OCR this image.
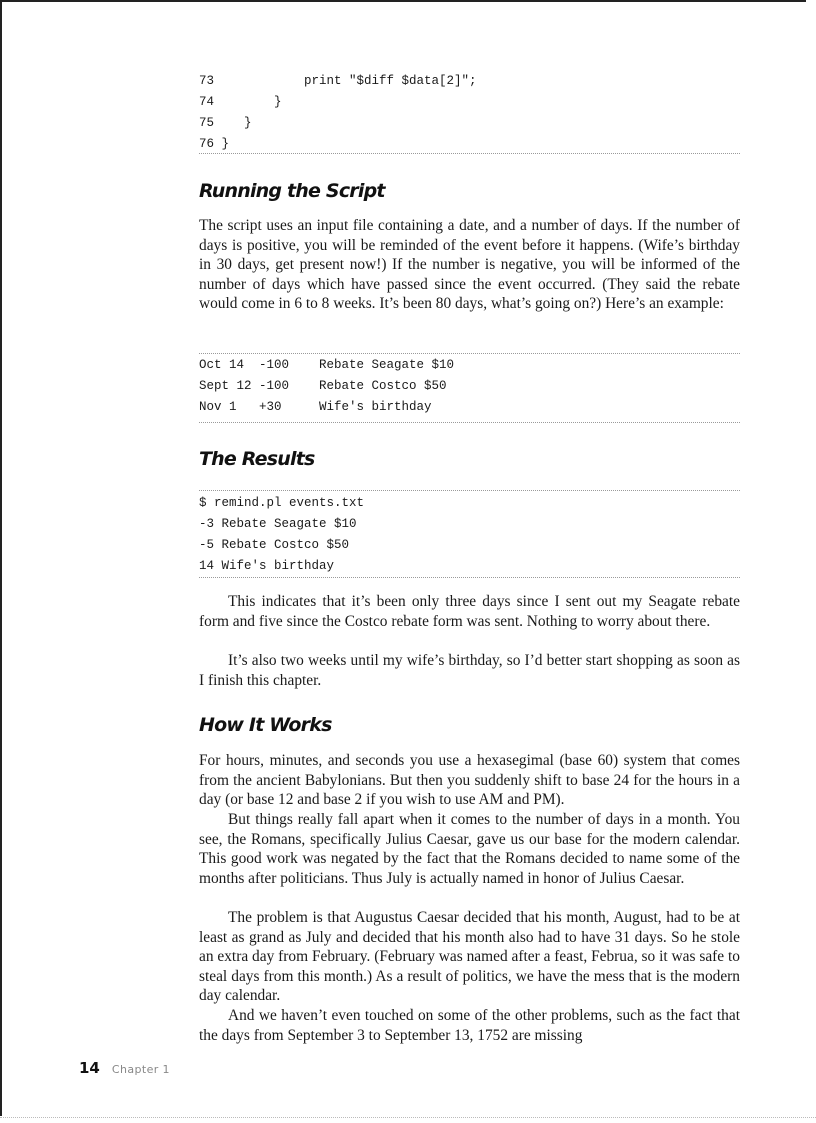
73            print "$diff $data[2]";
74        }
75    }
76 }
Running the Script

The script uses an input file containing a date, and a number of days. If the number of days is positive, you will be reminded of the event before it happens. (Wife’s birthday in 30 days, get present now!) If the number is negative, you will be informed of the number of days which have passed since the event occurred. (They said the rebate would come in 6 to 8 weeks. It’s been 80 days, what’s going on?) Here’s an example:

Oct 14  -100    Rebate Seagate $10
Sept 12 -100    Rebate Costco $50
Nov 1   +30     Wife's birthday
The Results
$ remind.pl events.txt
-3 Rebate Seagate $10
-5 Rebate Costco $50
14 Wife's birthday

This indicates that it’s been only three days since I sent out my Seagate rebate form and five since the Costco rebate form was sent. Nothing to worry about there.

It’s also two weeks until my wife’s birthday, so I’d better start shopping as soon as I finish this chapter.

How It Works

For hours, minutes, and seconds you use a hexasegimal (base 60) system that comes from the ancient Babylonians. But then you suddenly shift to base 24 for the hours in a day (or base 12 and base 2 if you wish to use AM and PM).

But things really fall apart when it comes to the number of days in a month. You see, the Romans, specifically Julius Caesar, gave us our base for the modern calendar. This good work was negated by the fact that the Romans decided to name some of the months after politicians. Thus July is actually named in honor of Julius Caesar.

The problem is that Augustus Caesar decided that his month, August, had to be at least as grand as July and decided that his month also had to have 31 days. So he stole an extra day from February. (February was named after a feast, Februa, so it was safe to steal days from this month.) As a result of politics, we have the mess that is the modern day calendar.

And we haven’t even touched on some of the other problems, such as the fact that the days from September 3 to September 13, 1752 are missing

14 Chapter 1
